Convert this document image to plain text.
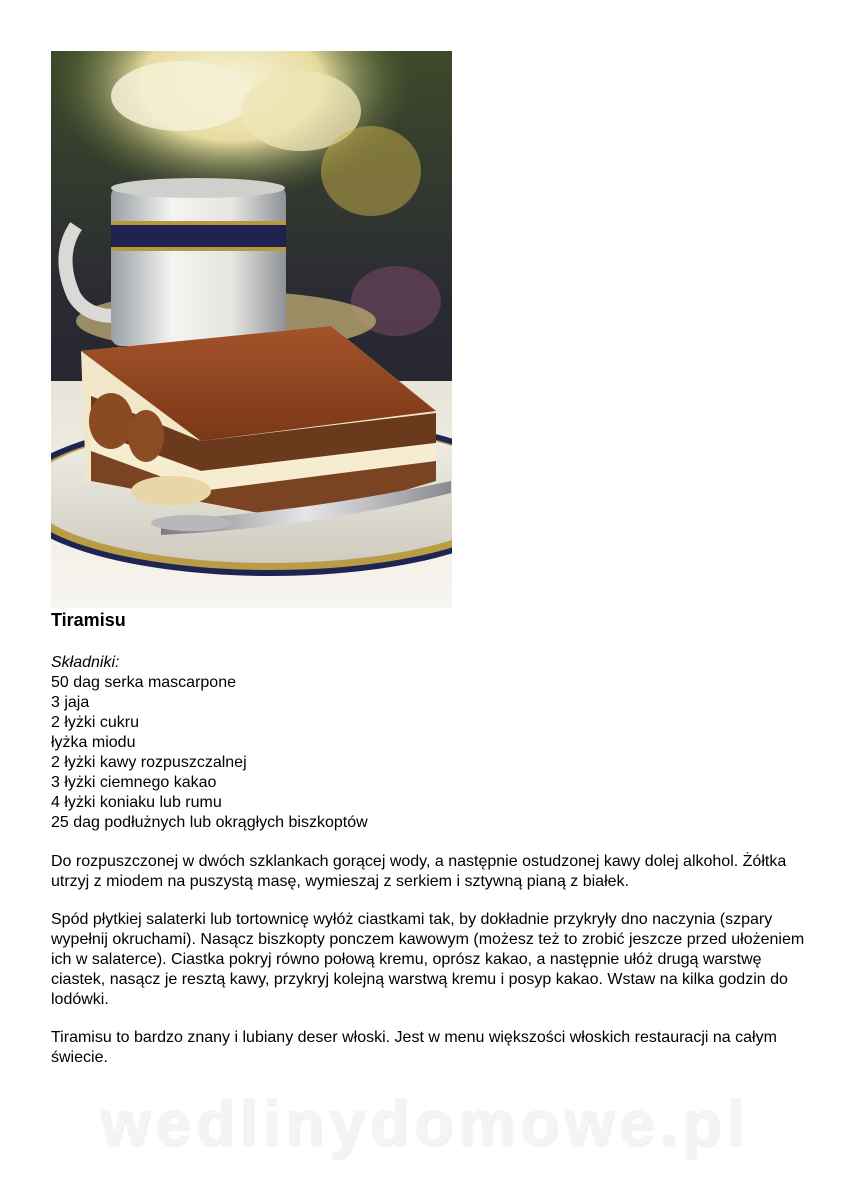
Tiramisu
Składniki:
50 dag serka mascarpone
3 jaja
2 łyżki cukru
łyżka miodu
2 łyżki kawy rozpuszczalnej
3 łyżki ciemnego kakao
4 łyżki koniaku lub rumu
25 dag podłużnych lub okrągłych biszkoptów

Do rozpuszczonej w dwóch szklankach gorącej wody, a następnie ostudzonej kawy dolej alkohol. Żółtka utrzyj z miodem na puszystą masę, wymieszaj z serkiem i sztywną pianą z białek.

Spód płytkiej salaterki lub tortownicę wyłóż ciastkami tak, by dokładnie przykryły dno naczynia (szpary wypełnij okruchami). Nasącz biszkopty ponczem kawowym (możesz też to zrobić jeszcze przed ułożeniem ich w salaterce). Ciastka pokryj równo połową kremu, oprósz kakao, a następnie ułóż drugą warstwę ciastek, nasącz je resztą kawy, przykryj kolejną warstwą kremu i posyp kakao. Wstaw na kilka godzin do lodówki.

Tiramisu to bardzo znany i lubiany deser włoski. Jest w menu większości włoskich restauracji na całym świecie.

wedlinydomowe.pl
